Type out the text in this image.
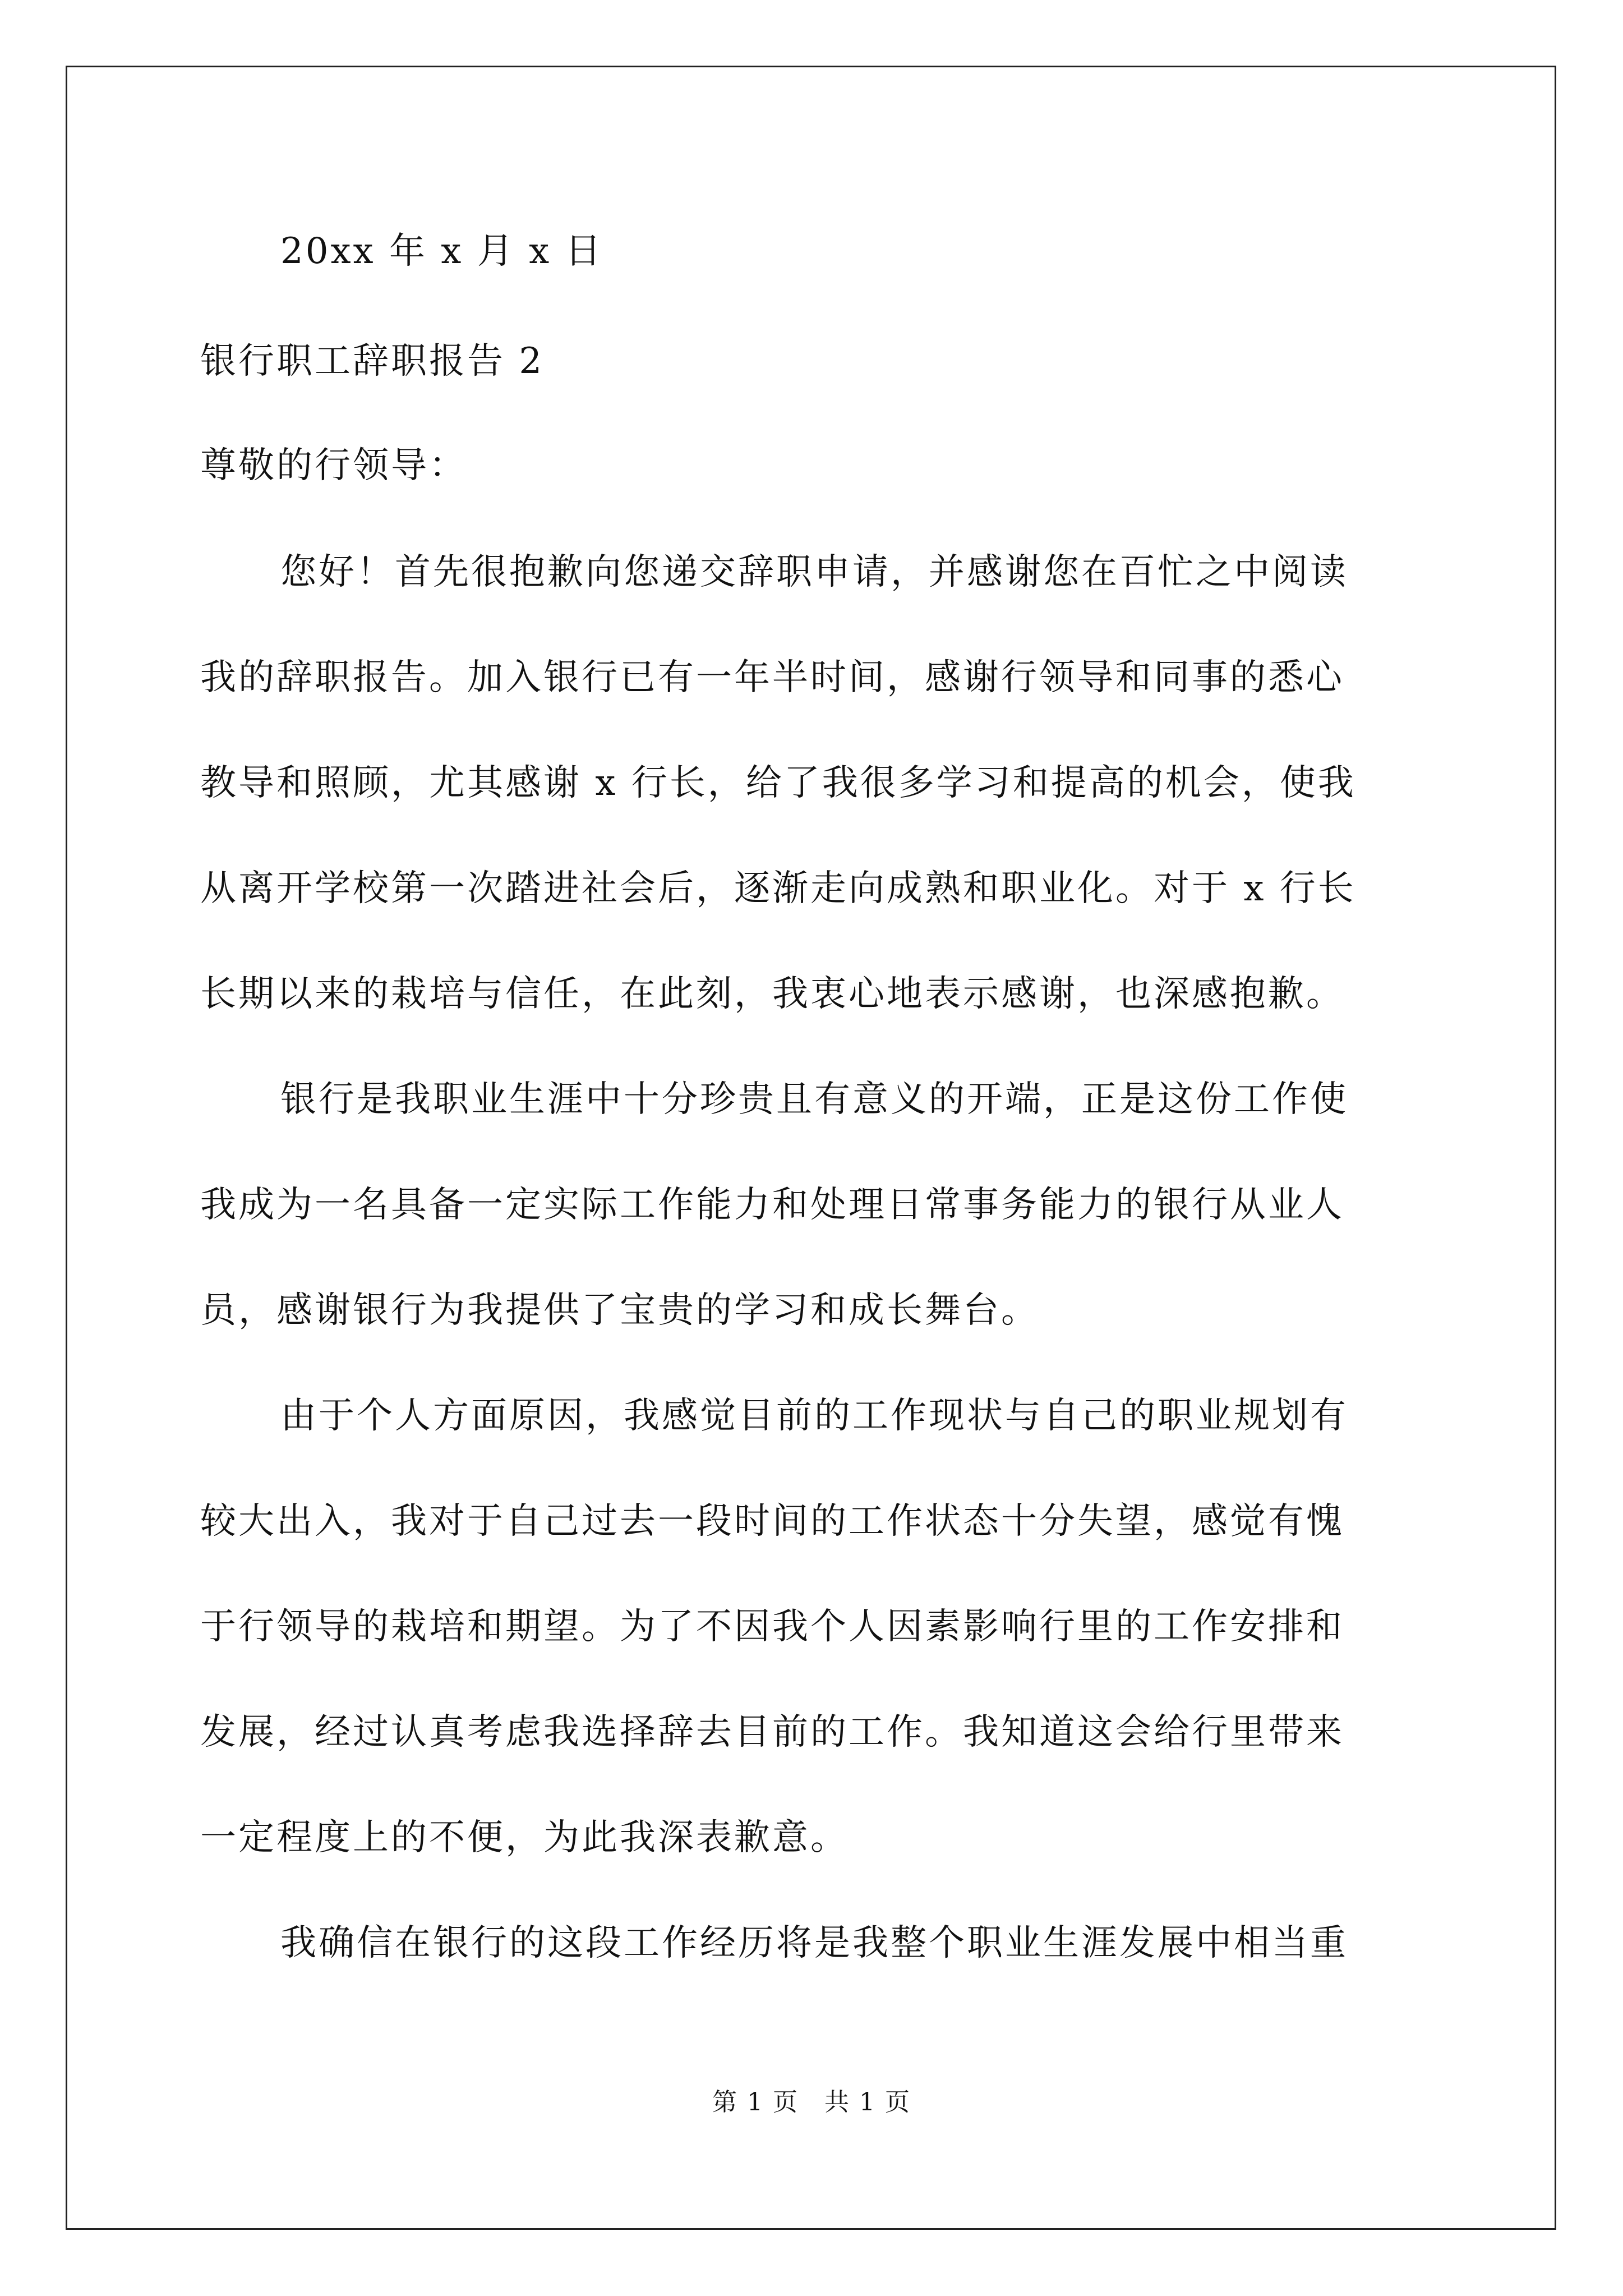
20xx 年 x 月 x 日
银行职工辞职报告 2
尊敬的行领导：
您好！首先很抱歉向您递交辞职申请，并感谢您在百忙之中阅读
我的辞职报告。加入银行已有一年半时间，感谢行领导和同事的悉心
教导和照顾，尤其感谢 x 行长，给了我很多学习和提高的机会，使我
从离开学校第一次踏进社会后，逐渐走向成熟和职业化。对于 x 行长
长期以来的栽培与信任，在此刻，我衷心地表示感谢，也深感抱歉。
银行是我职业生涯中十分珍贵且有意义的开端，正是这份工作使
我成为一名具备一定实际工作能力和处理日常事务能力的银行从业人
员，感谢银行为我提供了宝贵的学习和成长舞台。
由于个人方面原因，我感觉目前的工作现状与自己的职业规划有
较大出入，我对于自己过去一段时间的工作状态十分失望，感觉有愧
于行领导的栽培和期望。为了不因我个人因素影响行里的工作安排和
发展，经过认真考虑我选择辞去目前的工作。我知道这会给行里带来
一定程度上的不便，为此我深表歉意。
我确信在银行的这段工作经历将是我整个职业生涯发展中相当重
第 1 页　共 1 页
